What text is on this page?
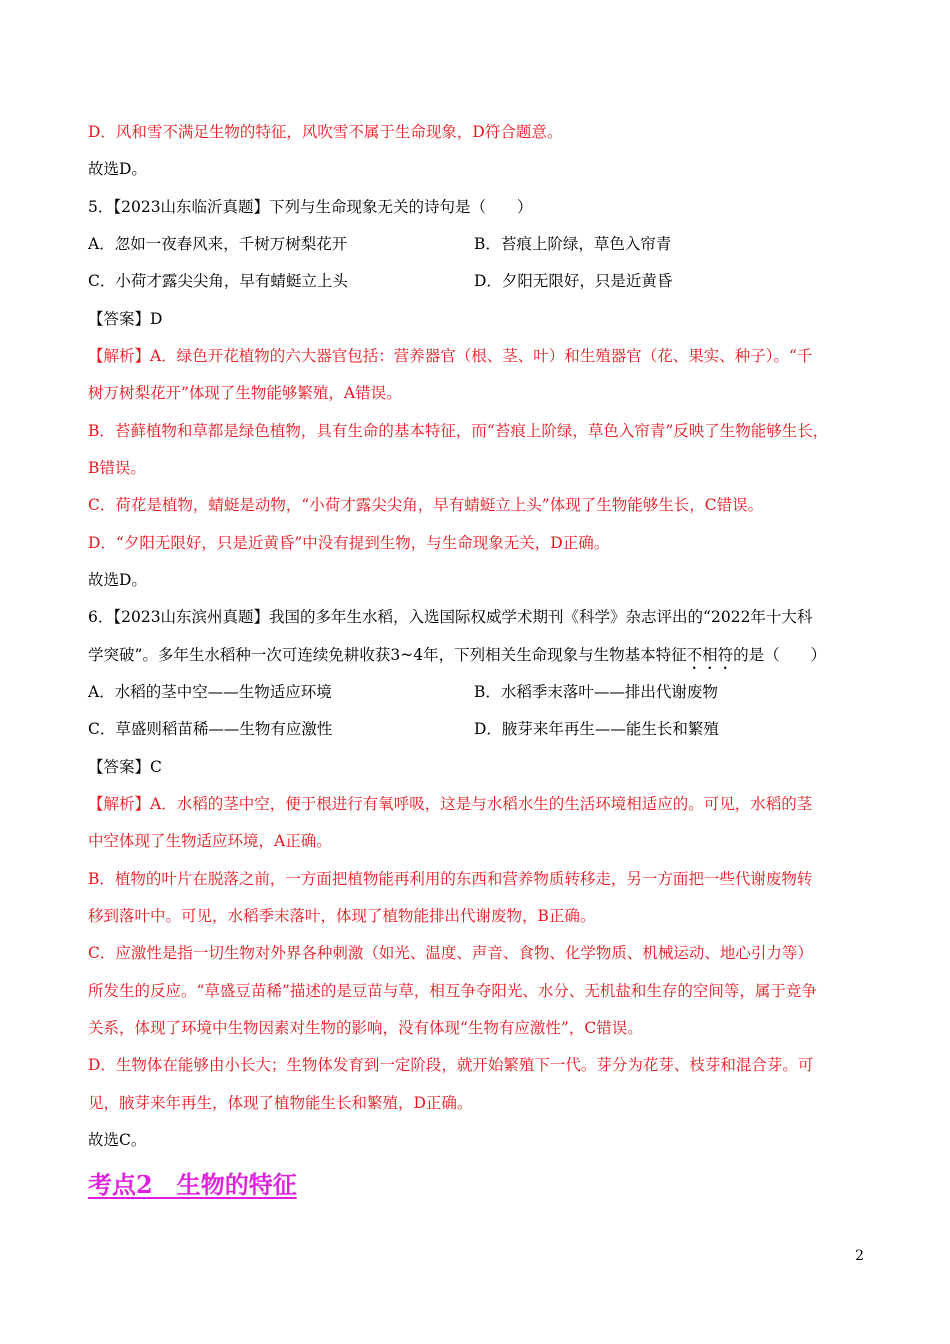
D．风和雪不满足生物的特征，风吹雪不属于生命现象，D符合题意。
故选D。
5．【2023山东临沂真题】下列与生命现象无关的诗句是（　　）
A．忽如一夜春风来，千树万树梨花开	B．苔痕上阶绿，草色入帘青
C．小荷才露尖尖角，早有蜻蜓立上头	D．夕阳无限好，只是近黄昏
【答案】D
【解析】A．绿色开花植物的六大器官包括：营养器官（根、茎、叶）和生殖器官（花、果实、种子）。“千
树万树梨花开”体现了生物能够繁殖，A错误。
B．苔藓植物和草都是绿色植物，具有生命的基本特征，而“苔痕上阶绿，草色入帘青”反映了生物能够生长，
B错误。
C．荷花是植物，蜻蜓是动物，“小荷才露尖尖角，早有蜻蜓立上头”体现了生物能够生长，C错误。
D．“夕阳无限好，只是近黄昏”中没有提到生物，与生命现象无关，D正确。
故选D。
6．【2023山东滨州真题】我国的多年生水稻，入选国际权威学术期刊《科学》杂志评出的“2022年十大科
学突破”。多年生水稻种一次可连续免耕收获3~4年，下列相关生命现象与生物基本特征不相符的是（　　）
A．水稻的茎中空——生物适应环境	B．水稻季末落叶——排出代谢废物
C．草盛则稻苗稀——生物有应激性	D．腋芽来年再生——能生长和繁殖
【答案】C
【解析】A．水稻的茎中空，便于根进行有氧呼吸，这是与水稻水生的生活环境相适应的。可见，水稻的茎
中空体现了生物适应环境，A正确。
B．植物的叶片在脱落之前，一方面把植物能再利用的东西和营养物质转移走，另一方面把一些代谢废物转
移到落叶中。可见，水稻季末落叶，体现了植物能排出代谢废物，B正确。
C．应激性是指一切生物对外界各种刺激（如光、温度、声音、食物、化学物质、机械运动、地心引力等）
所发生的反应。“草盛豆苗稀”描述的是豆苗与草，相互争夺阳光、水分、无机盐和生存的空间等，属于竞争
关系，体现了环境中生物因素对生物的影响，没有体现“生物有应激性”，C错误。
D．生物体在能够由小长大；生物体发育到一定阶段，就开始繁殖下一代。芽分为花芽、枝芽和混合芽。可
见，腋芽来年再生，体现了植物能生长和繁殖，D正确。
故选C。
考点2　生物的特征
2
